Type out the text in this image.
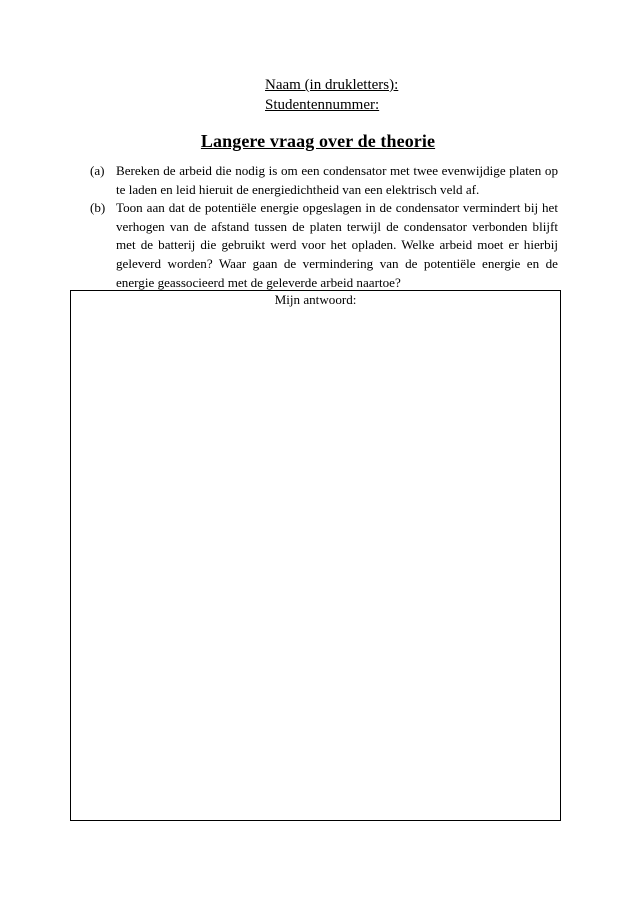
Naam (in drukletters):
Studentennummer:
Langere vraag over de theorie
(a) Bereken de arbeid die nodig is om een condensator met twee evenwijdige platen op te laden en leid hieruit de energiedichtheid van een elektrisch veld af.
(b) Toon aan dat de potentiële energie opgeslagen in de condensator vermindert bij het verhogen van de afstand tussen de platen terwijl de condensator verbonden blijft met de batterij die gebruikt werd voor het opladen. Welke arbeid moet er hierbij geleverd worden? Waar gaan de vermindering van de potentiële energie en de energie geassocieerd met de geleverde arbeid naartoe?
Mijn antwoord:
